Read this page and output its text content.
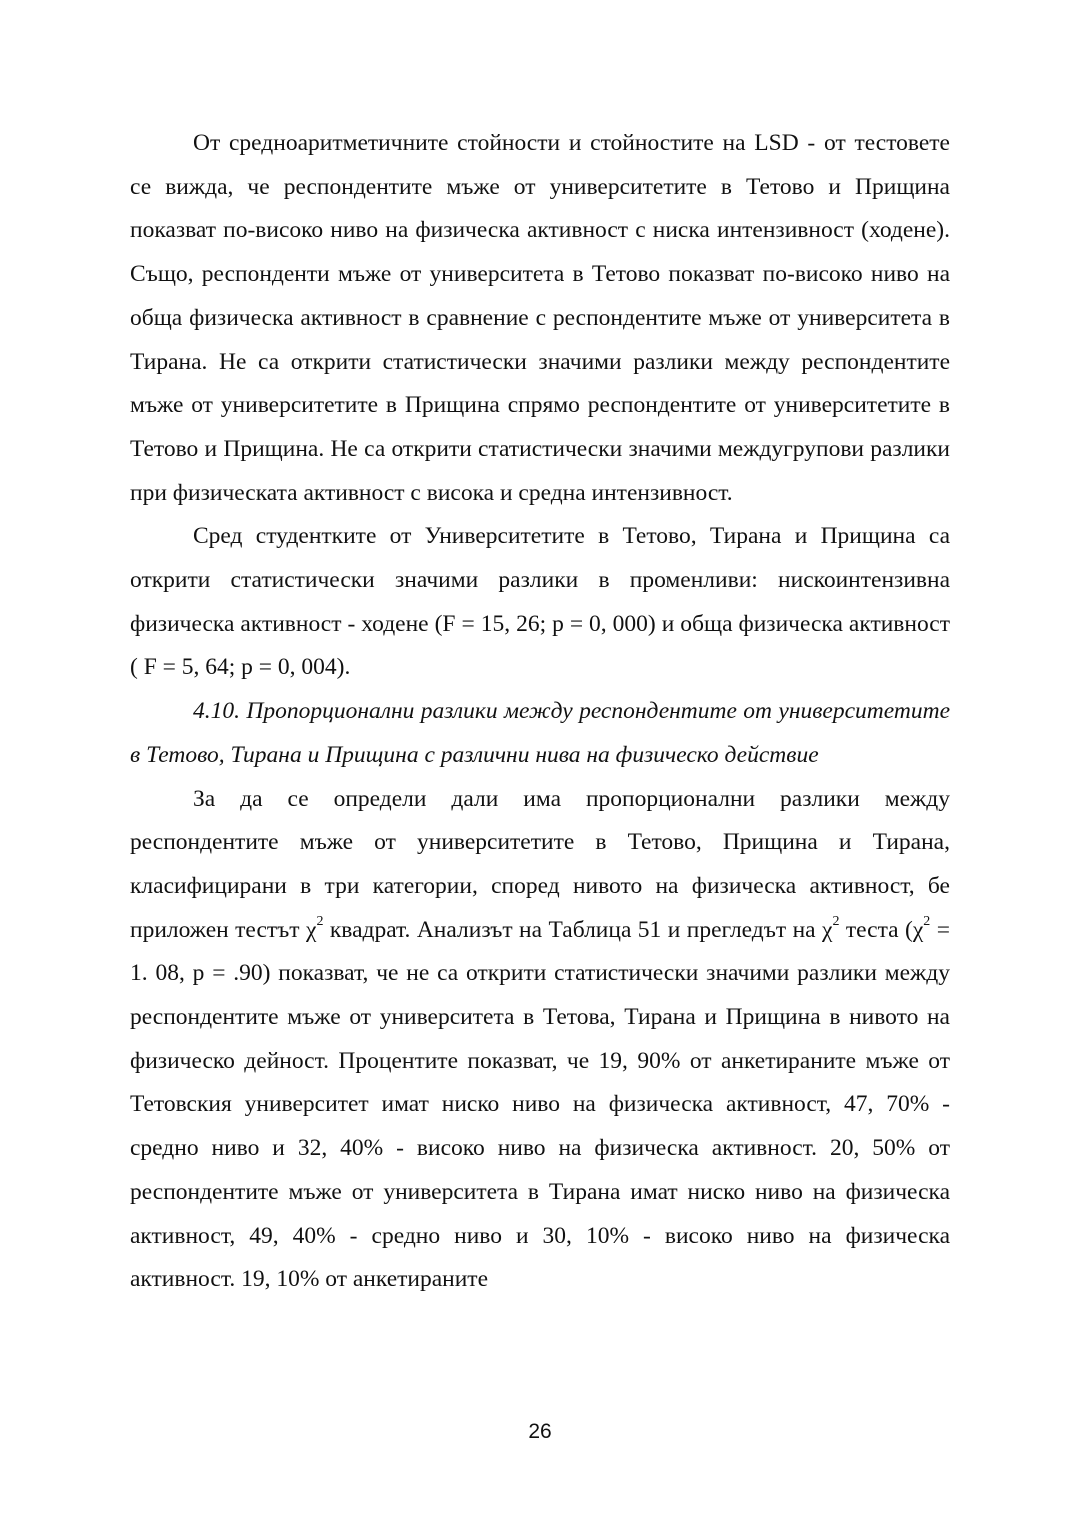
От средноаритметичните стойности и стойностите на LSD - от тестовете се вижда, че респондентите мъже от университетите в Тетово и Прищина показват по-високо ниво на физическа активност с ниска интензивност (ходене). Също, респонденти мъже от университета в Тетово показват по-високо ниво на обща физическа активност в сравнение с респондентите мъже от университета в Тирана. Не са открити статистически значими разлики между респондентите мъже от университетите в Прищина спрямо респондентите от университетите в Тетово и Прищина. Не са открити статистически значими междугрупови разлики при физическата активност с висока и средна интензивност.

Сред студентките от Университетите в Тетово, Тирана и Прищина са открити статистически значими разлики в променливи: нискоинтензивна физическа активност - ходене (F = 15, 26; p = 0, 000) и обща физическа активност ( F = 5, 64; p = 0, 004).

4.10. Пропорционални разлики между респондентите от университетите в Тетово, Тирана и Прищина с различни нива на физическо действие

За да се определи дали има пропорционални разлики между респондентите мъже от университетите в Тетово, Прищина и Тирана, класифицирани в три категории, според нивото на физическа активност, бе приложен тестът $\chi^2$ квадрат. Анализът на Таблица 51 и прегледът на $\chi^2$ теста ($\chi^2 = 1$. 08, p = .90) показват, че не са открити статистически значими разлики между респондентите мъже от университета в Тетова, Тирана и Прищина в нивото на физическо дейност. Процентите показват, че 19, 90% от анкетираните мъже от Тетовския университет имат ниско ниво на физическа активност, 47, 70% - средно ниво и 32, 40% - високо ниво на физическа активност. 20, 50% от респондентите мъже от университета в Тирана имат ниско ниво на физическа активност, 49, 40% - средно ниво и 30, 10% - високо ниво на физическа активност. 19, 10% от анкетираните

26
